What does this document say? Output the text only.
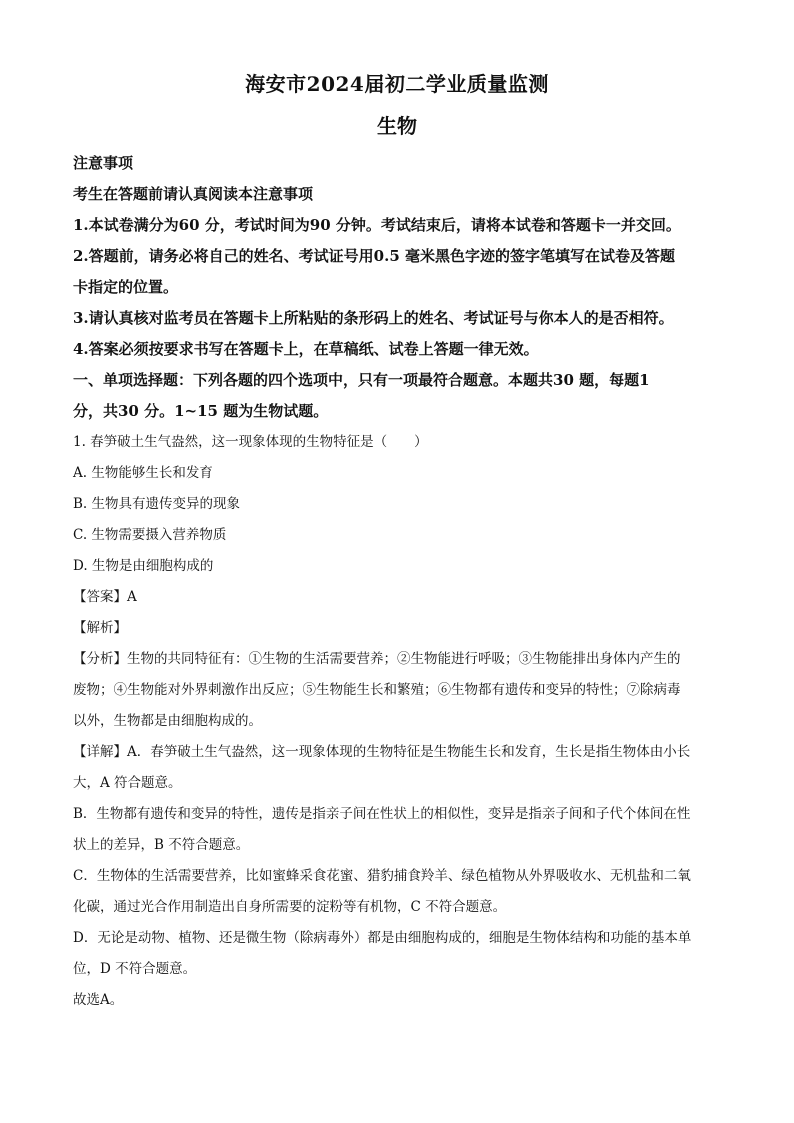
海安市2024届初二学业质量监测
生物
注意事项
考生在答题前请认真阅读本注意事项
1.本试卷满分为60 分，考试时间为90 分钟。考试结束后，请将本试卷和答题卡一并交回。
2.答题前，请务必将自己的姓名、考试证号用0.5 毫米黑色字迹的签字笔填写在试卷及答题
卡指定的位置。
3.请认真核对监考员在答题卡上所粘贴的条形码上的姓名、考试证号与你本人的是否相符。
4.答案必须按要求书写在答题卡上，在草稿纸、试卷上答题一律无效。
一、单项选择题：下列各题的四个选项中，只有一项最符合题意。本题共30 题，每题1
分，共30 分。1~15 题为生物试题。
1. 春笋破土生气盎然，这一现象体现的生物特征是（　　）
A. 生物能够生长和发育
B. 生物具有遗传变异的现象
C. 生物需要摄入营养物质
D. 生物是由细胞构成的
【答案】A
【解析】
【分析】生物的共同特征有：①生物的生活需要营养；②生物能进行呼吸；③生物能排出身体内产生的
废物；④生物能对外界刺激作出反应；⑤生物能生长和繁殖；⑥生物都有遗传和变异的特性；⑦除病毒
以外，生物都是由细胞构成的。
【详解】A．春笋破土生气盎然，这一现象体现的生物特征是生物能生长和发育，生长是指生物体由小长
大，A 符合题意。
B．生物都有遗传和变异的特性，遗传是指亲子间在性状上的相似性，变异是指亲子间和子代个体间在性
状上的差异，B 不符合题意。
C．生物体的生活需要营养，比如蜜蜂采食花蜜、猎豹捕食羚羊、绿色植物从外界吸收水、无机盐和二氧
化碳，通过光合作用制造出自身所需要的淀粉等有机物，C 不符合题意。
D．无论是动物、植物、还是微生物（除病毒外）都是由细胞构成的，细胞是生物体结构和功能的基本单
位，D 不符合题意。
故选A。
